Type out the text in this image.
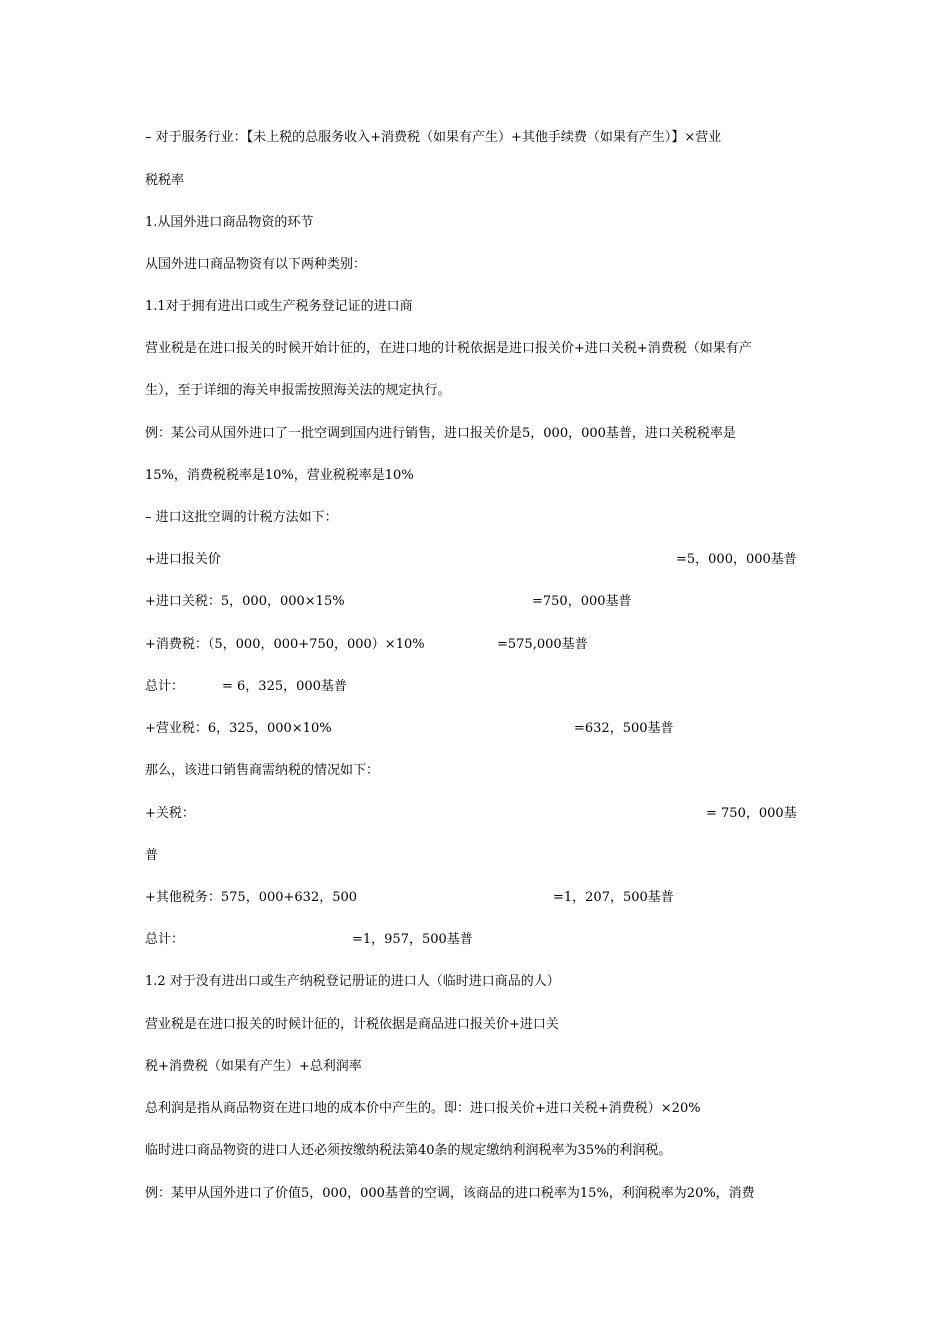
– 对于服务行业：【未上税的总服务收入+消费税（如果有产生）+其他手续费（如果有产生）】×营业
税税率
1.从国外进口商品物资的环节
从国外进口商品物资有以下两种类别：
1.1对于拥有进出口或生产税务登记证的进口商
营业税是在进口报关的时候开始计征的，在进口地的计税依据是进口报关价+进口关税+消费税（如果有产
生），至于详细的海关申报需按照海关法的规定执行。
例：某公司从国外进口了一批空调到国内进行销售，进口报关价是5，000，000基普，进口关税税率是
15%，消费税税率是10%，营业税税率是10%
– 进口这批空调的计税方法如下：
+进口报关价	=5，000，000基普
+进口关税：5，000，000×15%	=750，000基普
+消费税：（5，000，000+750，000）×10%	=575,000基普
总计：	= 6，325，000基普
+营业税：6，325，000×10%	=632，500基普
那么，该进口销售商需纳税的情况如下：
+关税：	= 750，000基
普
+其他税务：575，000+632，500	=1，207，500基普
总计：	=1，957，500基普
1.2 对于没有进出口或生产纳税登记册证的进口人（临时进口商品的人）
营业税是在进口报关的时候计征的，计税依据是商品进口报关价+进口关
税+消费税（如果有产生）+总利润率
总利润是指从商品物资在进口地的成本价中产生的。即：进口报关价+进口关税+消费税）×20%
临时进口商品物资的进口人还必须按缴纳税法第40条的规定缴纳利润税率为35%的利润税。
例：某甲从国外进口了价值5，000，000基普的空调，该商品的进口税率为15%，利润税率为20%，消费
